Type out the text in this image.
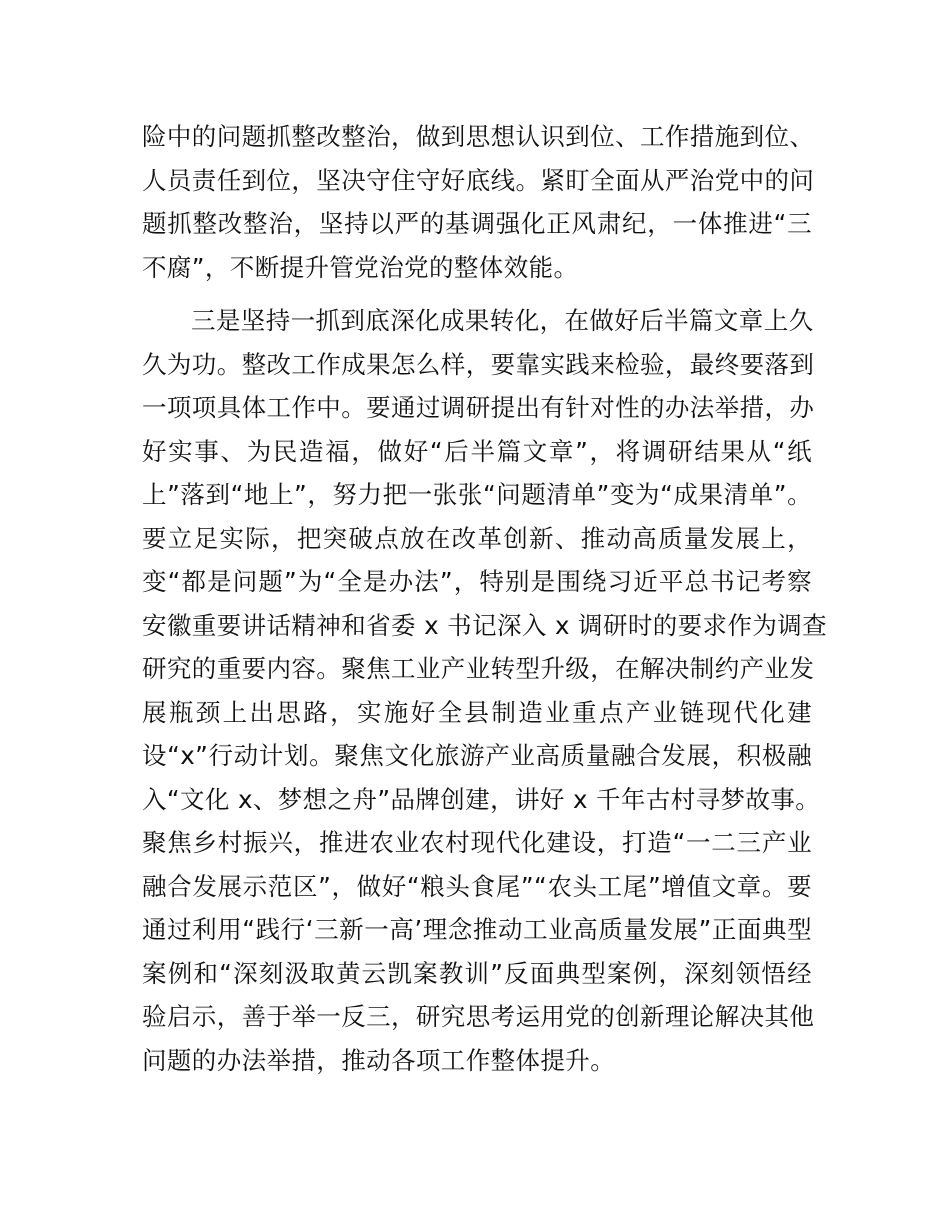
险中的问题抓整改整治，做到思想认识到位、工作措施到位、
人员责任到位，坚决守住守好底线。紧盯全面从严治党中的问
题抓整改整治，坚持以严的基调强化正风肃纪，一体推进“三
不腐”，不断提升管党治党的整体效能。
三是坚持一抓到底深化成果转化，在做好后半篇文章上久
久为功。整改工作成果怎么样，要靠实践来检验，最终要落到
一项项具体工作中。要通过调研提出有针对性的办法举措，办
好实事、为民造福，做好“后半篇文章”，将调研结果从“纸
上”落到“地上”，努力把一张张“问题清单”变为“成果清单”。
要立足实际，把突破点放在改革创新、推动高质量发展上，
变“都是问题”为“全是办法”，特别是围绕习近平总书记考察
安徽重要讲话精神和省委 x 书记深入 x 调研时的要求作为调查
研究的重要内容。聚焦工业产业转型升级，在解决制约产业发
展瓶颈上出思路，实施好全县制造业重点产业链现代化建
设“x”行动计划。聚焦文化旅游产业高质量融合发展，积极融
入“文化 x、梦想之舟”品牌创建，讲好 x 千年古村寻梦故事。
聚焦乡村振兴，推进农业农村现代化建设，打造“一二三产业
融合发展示范区”，做好“粮头食尾”“农头工尾”增值文章。要
通过利用“践行‘三新一高’理念推动工业高质量发展”正面典型
案例和“深刻汲取黄云凯案教训”反面典型案例，深刻领悟经
验启示，善于举一反三，研究思考运用党的创新理论解决其他
问题的办法举措，推动各项工作整体提升。
